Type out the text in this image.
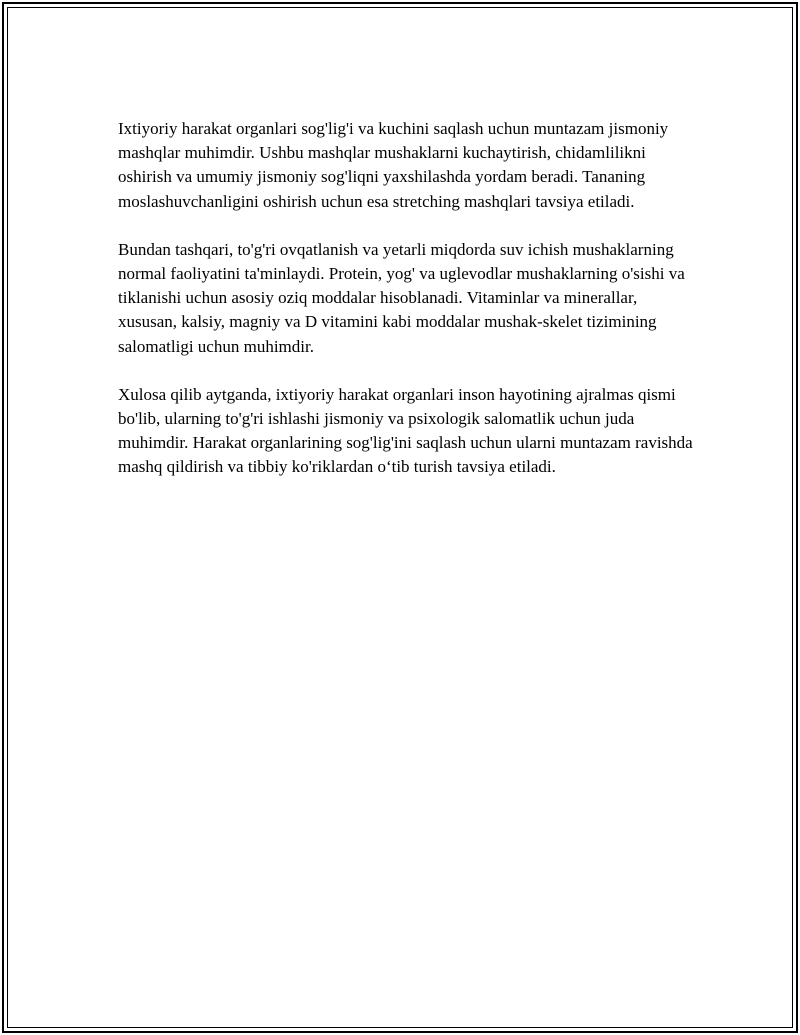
Ixtiyoriy harakat organlari sog'lig'i va kuchini saqlash uchun muntazam jismoniy mashqlar muhimdir. Ushbu mashqlar mushaklarni kuchaytirish, chidamlilikni oshirish va umumiy jismoniy sog'liqni yaxshilashda yordam beradi. Tananing moslashuvchanligini oshirish uchun esa stretching mashqlari tavsiya etiladi.

Bundan tashqari, to'g'ri ovqatlanish va yetarli miqdorda suv ichish mushaklarning normal faoliyatini ta'minlaydi. Protein, yog' va uglevodlar mushaklarning o'sishi va tiklanishi uchun asosiy oziq moddalar hisoblanadi. Vitaminlar va minerallar, xususan, kalsiy, magniy va D vitamini kabi moddalar mushak-skelet tizimining salomatligi uchun muhimdir.

Xulosa qilib aytganda, ixtiyoriy harakat organlari inson hayotining ajralmas qismi bo'lib, ularning to'g'ri ishlashi jismoniy va psixologik salomatlik uchun juda muhimdir. Harakat organlarining sog'lig'ini saqlash uchun ularni muntazam ravishda mashq qildirish va tibbiy ko'riklardan o‘tib turish tavsiya etiladi.
